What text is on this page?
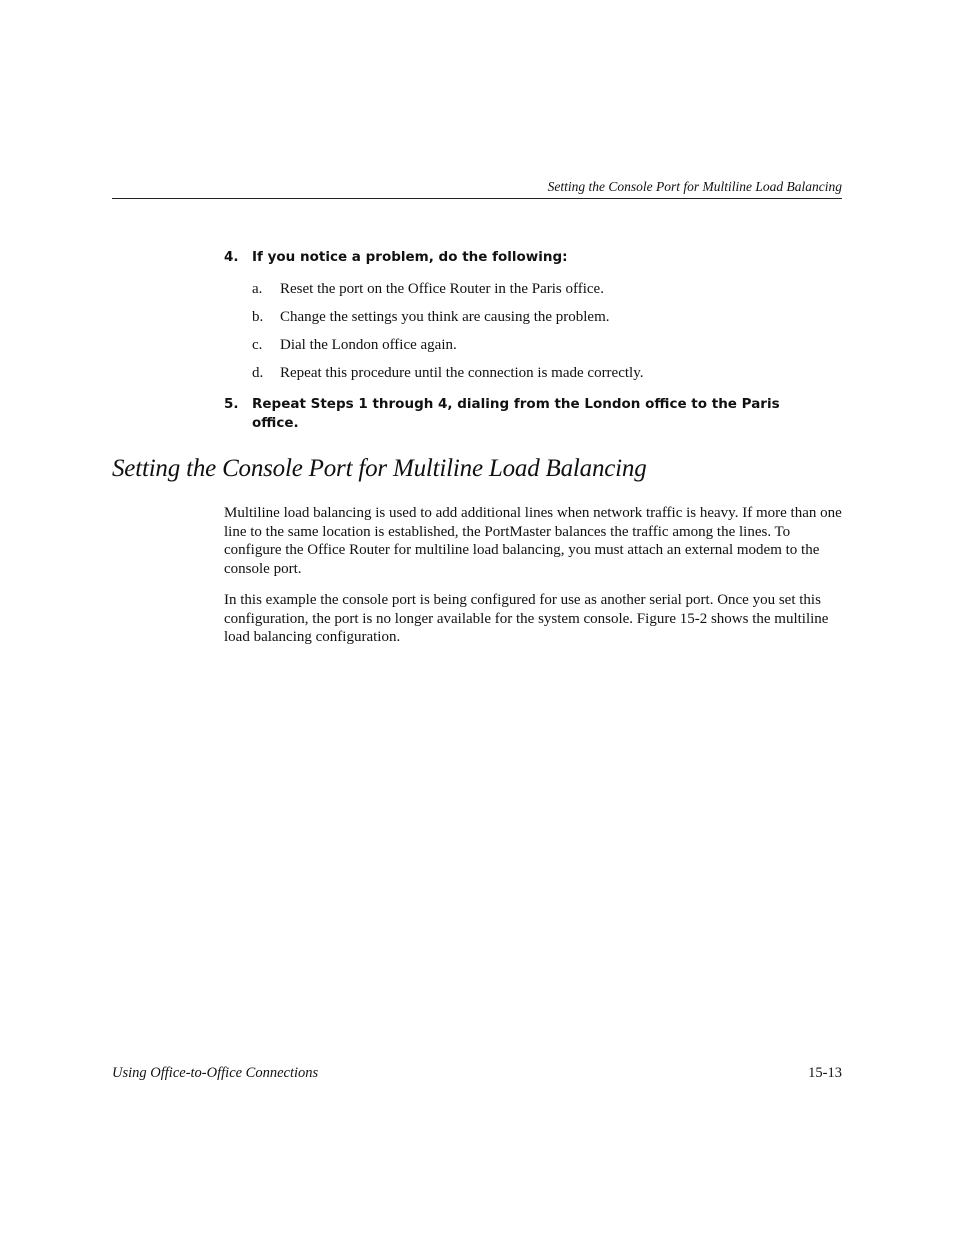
Setting the Console Port for Multiline Load Balancing
4. If you notice a problem, do the following:
a. Reset the port on the Office Router in the Paris office.
b. Change the settings you think are causing the problem.
c. Dial the London office again.
d. Repeat this procedure until the connection is made correctly.
5. Repeat Steps 1 through 4, dialing from the London office to the Paris office.
Setting the Console Port for Multiline Load Balancing

Multiline load balancing is used to add additional lines when network traffic is heavy. If more than one line to the same location is established, the PortMaster balances the traffic among the lines. To configure the Office Router for multiline load balancing, you must attach an external modem to the console port.

In this example the console port is being configured for use as another serial port. Once you set this configuration, the port is no longer available for the system console. Figure 15-2 shows the multiline load balancing configuration.

Using Office-to-Office Connections	15-13
